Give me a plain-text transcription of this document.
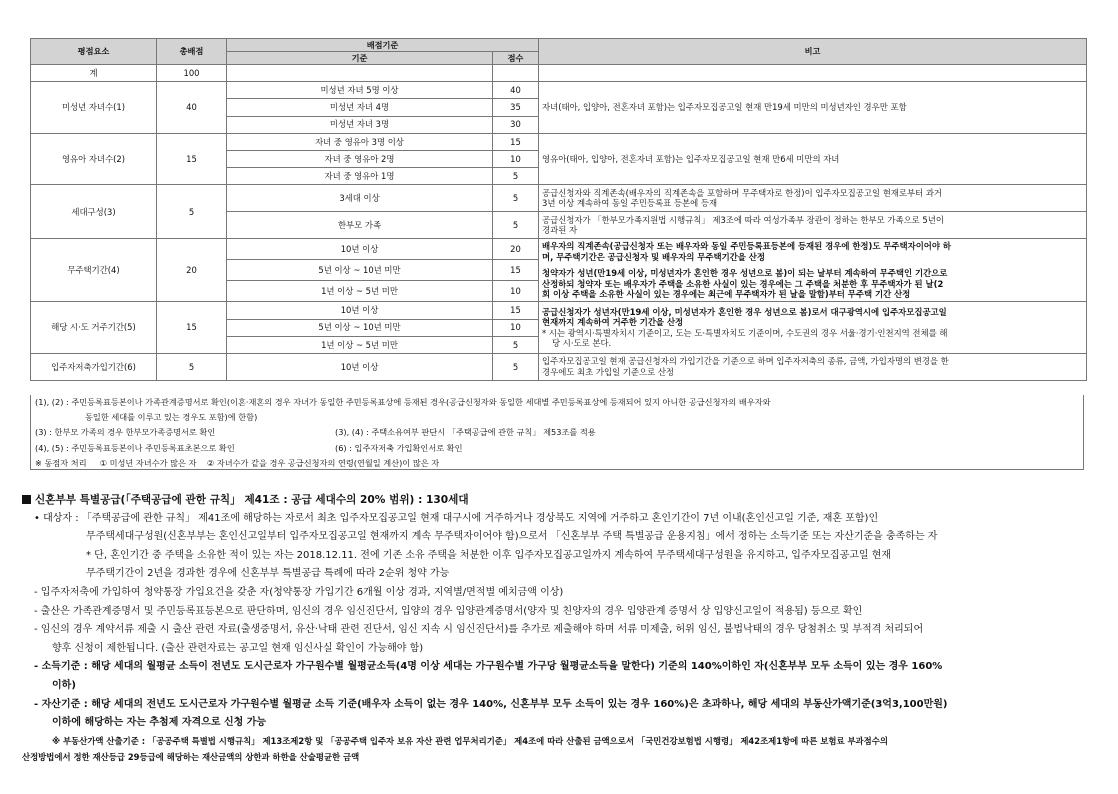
평점요소	총배점	배점기준		비고
		기준	점수	
계	100			
미성년 자녀수(1)	40	미성년 자녀 5명 이상	40	자녀(태아, 입양아, 전혼자녀 포함)는 입주자모집공고일 현재 만19세 미만의 미성년자인 경우만 포함
		미성년 자녀 4명	35	
		미성년 자녀 3명	30	
영유아 자녀수(2)	15	자녀 중 영유아 3명 이상	15	영유아(태아, 입양아, 전혼자녀 포함)는 입주자모집공고일 현재 만6세 미만의 자녀
		자녀 중 영유아 2명	10	
		자녀 중 영유아 1명	5	
세대구성(3)	5	3세대 이상	5	공급신청자와 직계존속(배우자의 직계존속을 포함하며 무주택자로 한정)이 입주자모집공고일 현재로부터 과거
3년 이상 계속하여 동일 주민등록표 등본에 등재

		한부모 가족	5	공급신청자가 「한부모가족지원법 시행규칙」 제3조에 따라 여성가족부 장관이 정하는 한부모 가족으로 5년이
경과된 자

무주택기간(4)	20	10년 이상	20	배우자의 직계존속(공급신청자 또는 배우자와 동일 주민등록표등본에 등재된 경우에 한정)도 무주택자이어야 하
며, 무주택기간은 공급신청자 및 배우자의 무주택기간을 산정
청약자가 성년(만19세 이상, 미성년자가 혼인한 경우 성년으로 봄)이 되는 날부터 계속하여 무주택인 기간으로
산정하되 청약자 또는 배우자가 주택을 소유한 사실이 있는 경우에는 그 주택을 처분한 후 무주택자가 된 날(2
회 이상 주택을 소유한 사실이 있는 경우에는 최근에 무주택자가 된 날을 말함)부터 무주택 기간 산정

		5년 이상 ~ 10년 미만	15	
		1년 이상 ~ 5년 미만	10	
해당 시·도 거주기간(5)	15	10년 이상	15	공급신청자가 성년자(만19세 이상, 미성년자가 혼인한 경우 성년으로 봄)로서 대구광역시에 입주자모집공고일
현재까지 계속하여 거주한 기간을 산정
* 시는 광역시·특별자치시 기준이고, 도는 도·특별자치도 기준이며, 수도권의 경우 서울·경기·인천지역 전체를 해
당 시·도로 본다.

		5년 이상 ~ 10년 미만	10	
		1년 이상 ~ 5년 미만	5	
입주자저축가입기간(6)	5	10년 이상	5	입주자모집공고일 현재 공급신청자의 가입기간을 기준으로 하며 입주자저축의 종류, 금액, 가입자명의 변경을 한
경우에도 최초 가입일 기준으로 산정
(1), (2) : 주민등록표등본이나 가족관계증명서로 확인(이혼·재혼의 경우 자녀가 동일한 주민등록표상에 등재된 경우(공급신청자와 동일한 세대별 주민등록표상에 등재되어 있지 아니한 공급신청자의 배우자와
동일한 세대를 이루고 있는 경우도 포함)에 한함)
(3) : 한부모 가족의 경우 한부모가족증명서로 확인	(3), (4) : 주택소유여부 판단시 「주택공급에 관한 규칙」 제53조를 적용
(4), (5) : 주민등록표등본이나 주민등록표초본으로 확인	(6) : 입주자저축 가입확인서로 확인
※ 동점자 처리     ① 미성년 자녀수가 많은 자    ② 자녀수가 같을 경우 공급신청자의 연령(연월일 계산)이 많은 자
신혼부부 특별공급(「주택공급에 관한 규칙」 제41조 : 공급 세대수의 20% 범위) : 130세대
• 대상자 : 「주택공급에 관한 규칙」 제41조에 해당하는 자로서 최초 입주자모집공고일 현재 대구시에 거주하거나 경상북도 지역에 거주하고 혼인기간이 7년 이내(혼인신고일 기준, 재혼 포함)인
무주택세대구성원(신혼부부는 혼인신고일부터 입주자모집공고일 현재까지 계속 무주택자이어야 함)으로서 「신혼부부 주택 특별공급 운용지침」에서 정하는 소득기준 또는 자산기준을 충족하는 자
* 단, 혼인기간 중 주택을 소유한 적이 있는 자는 2018.12.11. 전에 기존 소유 주택을 처분한 이후 입주자모집공고일까지 계속하여 무주택세대구성원을 유지하고, 입주자모집공고일 현재
무주택기간이 2년을 경과한 경우에 신혼부부 특별공급 특례에 따라 2순위 청약 가능
- 입주자저축에 가입하여 청약통장 가입요건을 갖춘 자(청약통장 가입기간 6개월 이상 경과, 지역별/면적별 예치금액 이상)
- 출산은 가족관계증명서 및 주민등록표등본으로 판단하며, 임신의 경우 임신진단서, 입양의 경우 입양관계증명서(양자 및 친양자의 경우 입양관계 증명서 상 입양신고일이 적용됨) 등으로 확인
- 임신의 경우 계약서류 제출 시 출산 관련 자료(출생증명서, 유산·낙태 관련 진단서, 임신 지속 시 임신진단서)를 추가로 제출해야 하며 서류 미제출, 허위 임신, 불법낙태의 경우 당첨취소 및 부적격 처리되어
향후 신청이 제한됩니다. (출산 관련자료는 공고일 현재 임신사실 확인이 가능해야 함)
- 소득기준 : 해당 세대의 월평균 소득이 전년도 도시근로자 가구원수별 월평균소득(4명 이상 세대는 가구원수별 가구당 월평균소득을 말한다) 기준의 140%이하인 자(신혼부부 모두 소득이 있는 경우 160%
이하)
- 자산기준 : 해당 세대의 전년도 도시근로자 가구원수별 월평균 소득 기준(배우자 소득이 없는 경우 140%, 신혼부부 모두 소득이 있는 경우 160%)은 초과하나, 해당 세대의 부동산가액기준(3억3,100만원)
이하에 해당하는 자는 추첨제 자격으로 신청 가능
※ 부동산가액 산출기준 : 「공공주택 특별법 시행규칙」 제13조제2항 및 「공공주택 입주자 보유 자산 관련 업무처리기준」 제4조에 따라 산출된 금액으로서 「국민건강보험법 시행령」 제42조제1항에 따른 보험료 부과점수의
산정방법에서 정한 재산등급 29등급에 해당하는 재산금액의 상한과 하한을 산술평균한 금액
